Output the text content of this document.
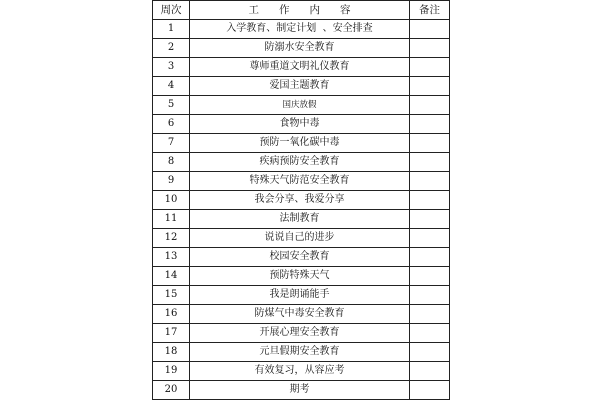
周次	工 作 内 容	备注
1	入学教育、制定计划  、安全排查	
2	防溺水安全教育	
3	尊师重道文明礼仪教育	
4	爱国主题教育	
5	国庆放假	
6	食物中毒	
7	预防一氧化碳中毒	
8	疾病预防安全教育	
9	特殊天气防范安全教育	
10	我会分享、我爱分享	
11	法制教育	
12	说说自己的进步	
13	校园安全教育	
14	预防特殊天气	
15	我是朗诵能手	
16	防煤气中毒安全教育	
17	开展心理安全教育	
18	元旦假期安全教育	
19	有效复习，从容应考	
20	期考	
